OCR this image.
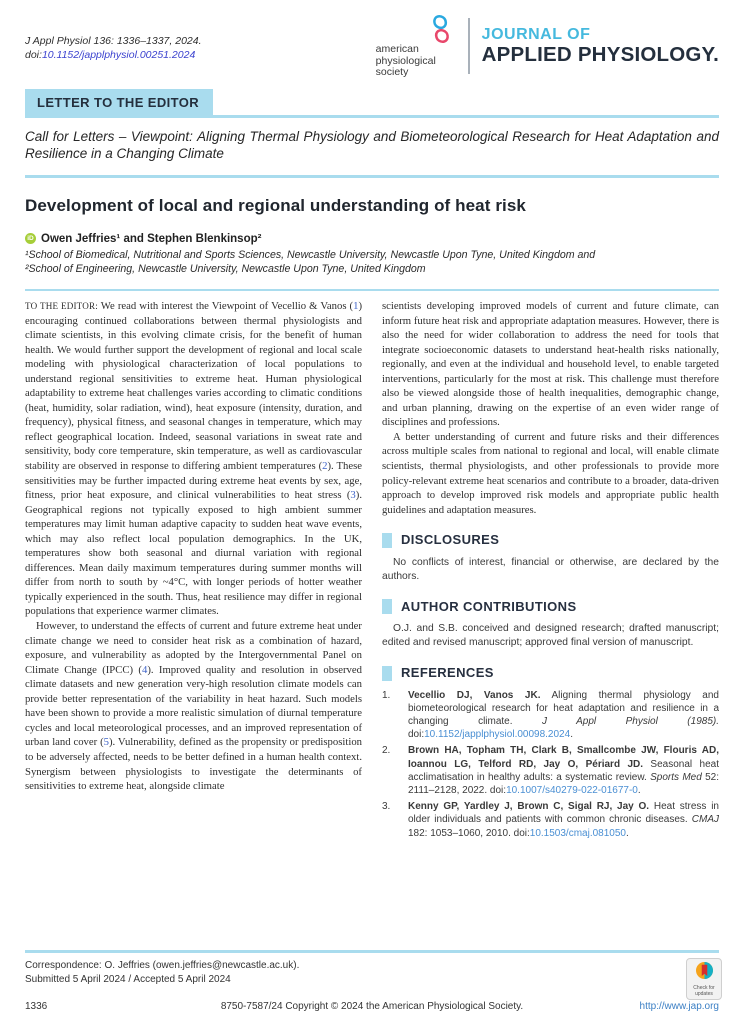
J Appl Physiol 136: 1336–1337, 2024.
doi:10.1152/japplphysiol.00251.2024	american
physiological
society
JOURNAL OF
APPLIED PHYSIOLOGY.
LETTER TO THE EDITOR
Call for Letters – Viewpoint: Aligning Thermal Physiology and Biometeorological Research for Heat Adaptation and Resilience in a Changing Climate
Development of local and regional understanding of heat risk
iD Owen Jeffries¹ and Stephen Blenkinsop²
¹School of Biomedical, Nutritional and Sports Sciences, Newcastle University, Newcastle Upon Tyne, United Kingdom and
²School of Engineering, Newcastle University, Newcastle Upon Tyne, United Kingdom

TO THE EDITOR: We read with interest the Viewpoint of Vecellio & Vanos (1) encouraging continued collaborations between thermal physiologists and climate scientists, in this evolving climate crisis, for the benefit of human health. We would further support the development of regional and local scale modeling with physiological characterization of local populations to understand regional sensitivities to extreme heat. Human physiological adaptability to extreme heat challenges varies according to climatic conditions (heat, humidity, solar radiation, wind), heat exposure (intensity, duration, and frequency), physical fitness, and seasonal changes in temperature, which may reflect geographical location. Indeed, seasonal variations in sweat rate and sensitivity, body core temperature, skin temperature, as well as cardiovascular stability are observed in response to differing ambient temperatures (2). These sensitivities may be further impacted during extreme heat events by sex, age, fitness, prior heat exposure, and clinical vulnerabilities to heat stress (3). Geographical regions not typically exposed to high ambient summer temperatures may limit human adaptive capacity to sudden heat wave events, which may also reflect local population demographics. In the UK, temperatures show both seasonal and diurnal variation with regional differences. Mean daily maximum temperatures during summer months will differ from north to south by ~4°C, with longer periods of hotter weather typically experienced in the south. Thus, heat resilience may differ in regional populations that experience warmer climates.

However, to understand the effects of current and future extreme heat under climate change we need to consider heat risk as a combination of hazard, exposure, and vulnerability as adopted by the Intergovernmental Panel on Climate Change (IPCC) (4). Improved quality and resolution in observed climate datasets and new generation very-high resolution climate models can provide better representation of the variability in heat hazard. Such models have been shown to provide a more realistic simulation of diurnal temperature cycles and local meteorological processes, and an improved representation of urban land cover (5). Vulnerability, defined as the propensity or predisposition to be adversely affected, needs to be better defined in a human health context. Synergism between physiologists to investigate the determinants of sensitivities to extreme heat, alongside climate

scientists developing improved models of current and future climate, can inform future heat risk and appropriate adaptation measures. However, there is also the need for wider collaboration to address the need for tools that integrate socioeconomic datasets to understand heat-health risks nationally, regionally, and even at the individual and household level, to enable targeted interventions, particularly for the most at risk. This challenge must therefore also be viewed alongside those of health inequalities, demographic change, and urban planning, drawing on the expertise of an even wider range of disciplines and professions.

A better understanding of current and future risks and their differences across multiple scales from national to regional and local, will enable climate scientists, thermal physiologists, and other professionals to provide more policy-relevant extreme heat scenarios and contribute to a broader, data-driven approach to develop improved risk models and appropriate public health guidelines and adaptation measures.

DISCLOSURES

No conflicts of interest, financial or otherwise, are declared by the authors.

AUTHOR CONTRIBUTIONS

O.J. and S.B. conceived and designed research; drafted manuscript; edited and revised manuscript; approved final version of manuscript.

REFERENCES
1.	Vecellio DJ, Vanos JK. Aligning thermal physiology and biometeorological research for heat adaptation and resilience in a changing climate. J Appl Physiol (1985). doi:10.1152/japplphysiol.00098.2024.
2.	Brown HA, Topham TH, Clark B, Smallcombe JW, Flouris AD, Ioannou LG, Telford RD, Jay O, Périard JD. Seasonal heat acclimatisation in healthy adults: a systematic review. Sports Med 52: 2111–2128, 2022. doi:10.1007/s40279-022-01677-0.
3.	Kenny GP, Yardley J, Brown C, Sigal RJ, Jay O. Heat stress in older individuals and patients with common chronic diseases. CMAJ 182: 1053–1060, 2010. doi:10.1503/cmaj.081050.
Correspondence: O. Jeffries (owen.jeffries@newcastle.ac.uk).
Submitted 5 April 2024 / Accepted 5 April 2024
Check for updates
1336	8750-7587/24 Copyright © 2024 the American Physiological Society.	http://www.jap.org
